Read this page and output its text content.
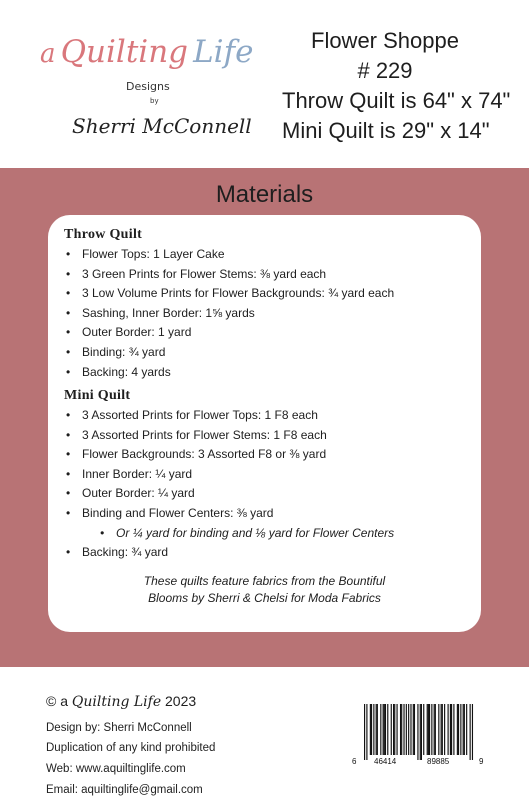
a Quilting Life
Designs
by
Sherri McConnell
Flower Shoppe
# 229
Throw Quilt is 64" x 74"
Mini Quilt is 29" x 14"
Materials
Throw Quilt
• Flower Tops: 1 Layer Cake
• 3 Green Prints for Flower Stems: ⅜ yard each
• 3 Low Volume Prints for Flower Backgrounds: ¾ yard each
• Sashing, Inner Border: 1⅝ yards
• Outer Border: 1 yard
• Binding: ¾ yard
• Backing: 4 yards
Mini Quilt
• 3 Assorted Prints for Flower Tops: 1 F8 each
• 3 Assorted Prints for Flower Stems: 1 F8 each
• Flower Backgrounds: 3 Assorted F8 or ⅜ yard
• Inner Border: ¼ yard
• Outer Border: ¼ yard
• Binding and Flower Centers: ⅜ yard
• Or ¼ yard for binding and ⅛ yard for Flower Centers
• Backing: ¾ yard
These quilts feature fabrics from the Bountiful
Blooms by Sherri & Chelsi for Moda Fabrics
© a Quilting Life 2023
Design by: Sherri McConnell
Duplication of any kind prohibited
Web: www.aquiltinglife.com
Email: aquiltinglife@gmail.com
6 46414	89885	9
